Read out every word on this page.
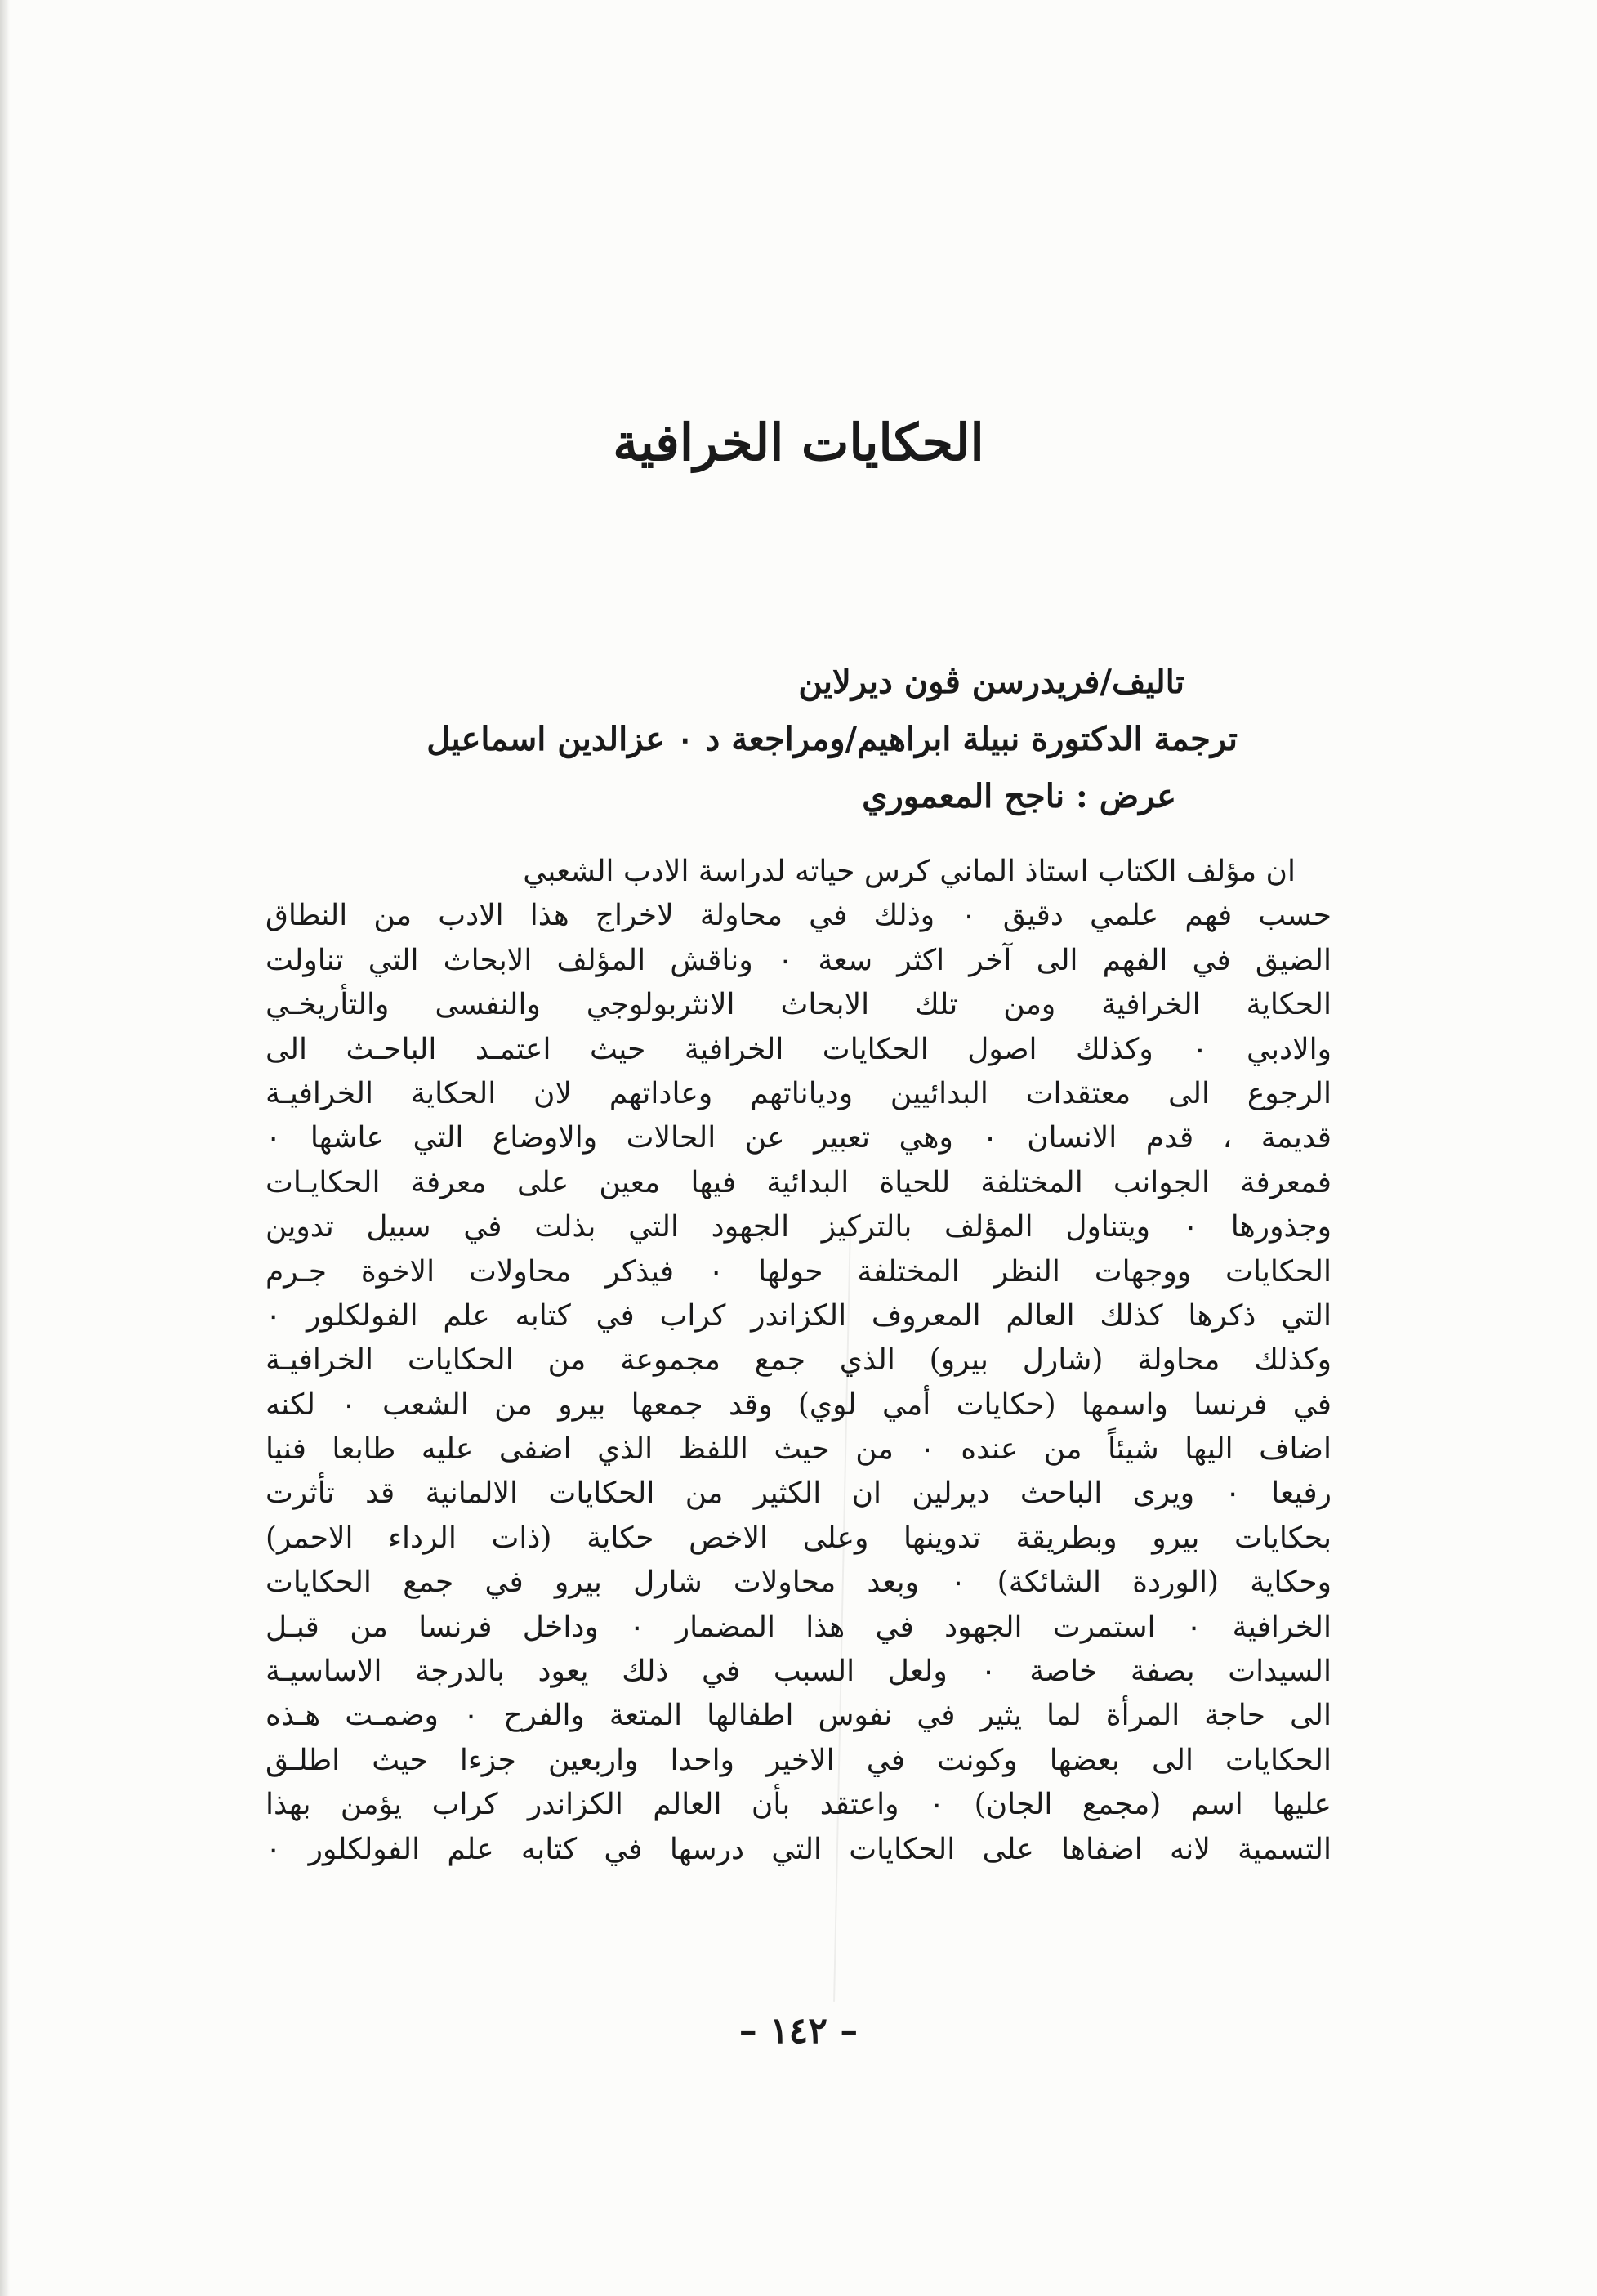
الحكايات الخرافية
تاليف/فريدرسن ڤون ديرلاين
ترجمة الدكتورة نبيلة ابراهيم/ومراجعة د ٠ عزالدين اسماعيل
عرض : ناجح المعموري
ان مؤلف الكتاب استاذ الماني كرس حياته لدراسة الادب الشعبي
حسب فهم علمي دقيق ٠ وذلك في محاولة لاخراج هذا الادب من النطاق
الضيق في الفهم الى آخر اكثر سعة ٠ وناقش المؤلف الابحاث التي تناولت
الحكاية الخرافية ومن تلك الابحاث الانثربولوجي والنفسى والتأريخـي
والادبي ٠ وكذلك اصول الحكايات الخرافية حيث اعتمـد الباحـث الى
الرجوع الى معتقدات البدائيين ودياناتهم وعاداتهم لان الحكاية الخرافيـة
قديمة ، قدم الانسان ٠ وهي تعبير عن الحالات والاوضاع التي عاشها ٠
فمعرفة الجوانب المختلفة للحياة البدائية فيها معين على معرفة الحكايـات
وجذورها ٠ ويتناول المؤلف بالتركيز الجهود التي بذلت في سبيل تدوين
الحكايات ووجهات النظر المختلفة حولها ٠ فيذكر محاولات الاخوة جـرم
التي ذكرها كذلك العالم المعروف الكزاندر كراب في كتابه علم الفولكلور ٠
وكذلك محاولة (شارل بيرو) الذي جمع مجموعة من الحكايات الخرافيـة
في فرنسا واسمها (حكايات أمي لوي) وقد جمعها بيرو من الشعب ٠ لكنه
اضاف اليها شيئاً من عنده ٠ من حيث اللفظ الذي اضفى عليه طابعا فنيا
رفيعا ٠ ويرى الباحث ديرلين ان الكثير من الحكايات الالمانية قد تأثرت
بحكايات بيرو وبطريقة تدوينها وعلى الاخص حكاية (ذات الرداء الاحمر)
وحكاية (الوردة الشائكة) ٠ وبعد محاولات شارل بيرو في جمع الحكايات
الخرافية ٠ استمرت الجهود في هذا المضمار ٠ وداخل فرنسا من قبـل
السيدات بصفة خاصة ٠ ولعل السبب في ذلك يعود بالدرجة الاساسيـة
الى حاجة المرأة لما يثير في نفوس اطفالها المتعة والفرح ٠ وضمـت هـذه
الحكايات الى بعضها وكونت في الاخير واحدا واربعين جزءا حيث اطلـق
عليها اسم (مجمع الجان) ٠ واعتقد بأن العالم الكزاندر كراب يؤمن بهذا
التسمية لانه اضفاها على الحكايات التي درسها في كتابه علم الفولكلور ٠
– ١٤٢ –
